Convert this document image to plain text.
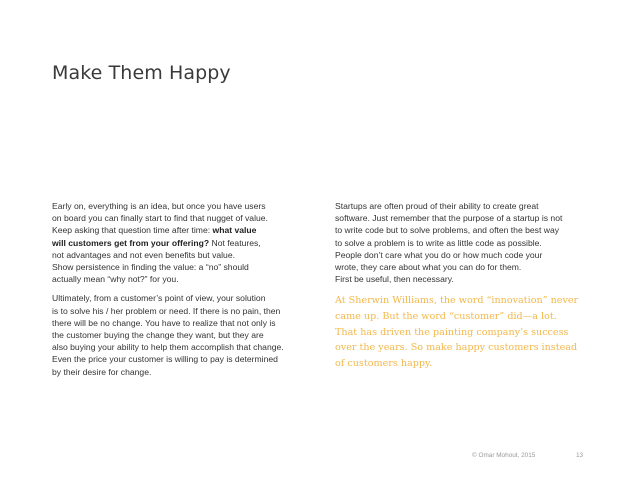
Make Them Happy
Early on, everything is an idea, but once you have users
on board you can finally start to find that nugget of value.
Keep asking that question time after time: what value
will customers get from your offering? Not features,
not advantages and not even benefits but value.
Show persistence in finding the value: a “no” should
actually mean “why not?” for you.
Ultimately, from a customer’s point of view, your solution
is to solve his / her problem or need. If there is no pain, then
there will be no change. You have to realize that not only is
the customer buying the change they want, but they are
also buying your ability to help them accomplish that change.
Even the price your customer is willing to pay is determined
by their desire for change.
Startups are often proud of their ability to create great
software. Just remember that the purpose of a startup is not
to write code but to solve problems, and often the best way
to solve a problem is to write as little code as possible.
People don’t care what you do or how much code your
wrote, they care about what you can do for them.
First be useful, then necessary.
At Sherwin Williams, the word “innovation” never
came up. But the word “customer” did—a lot.
That has driven the painting company’s success
over the years. So make happy customers instead
of customers happy.
© Omar Mohout, 2015	13
